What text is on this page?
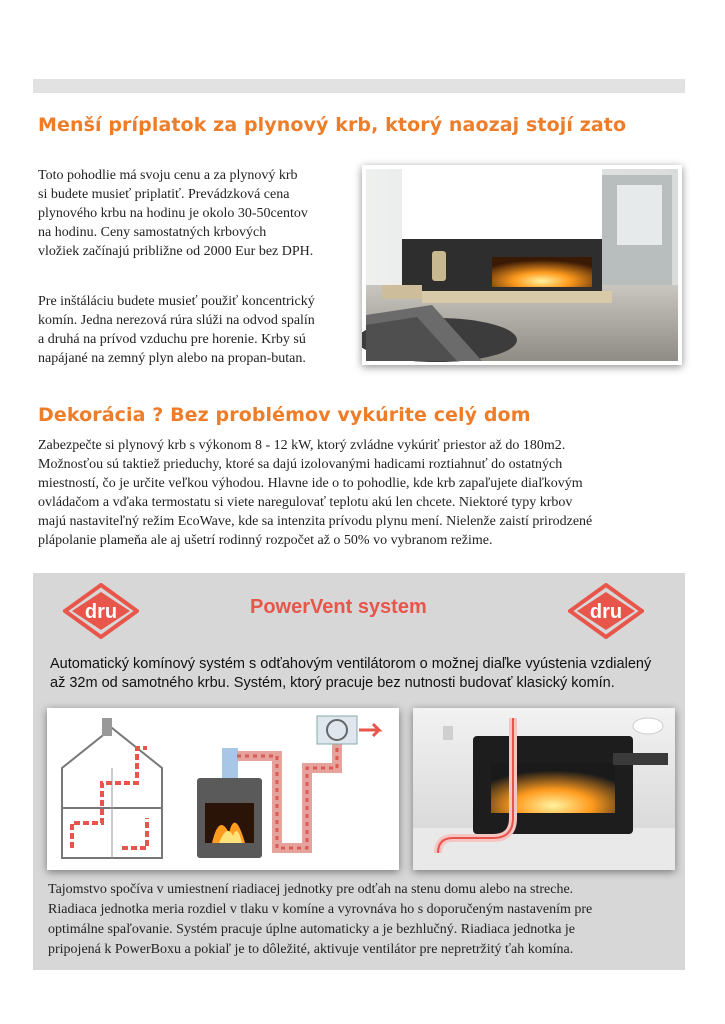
Menší príplatok za plynový krb, ktorý naozaj stojí zato

Toto pohodlie má svoju cenu a za plynový krb
si budete musieť priplatiť. Prevádzková cena
plynového krbu na hodinu je okolo 30-50centov
na hodinu. Ceny samostatných krbových
vložiek začínajú približne od 2000 Eur bez DPH.

Pre inštáláciu budete musieť použiť koncentrický
komín. Jedna nerezová rúra slúži na odvod spalín
a druhá na prívod vzduchu pre horenie. Krby sú
napájané na zemný plyn alebo na propan-butan.

Dekorácia ? Bez problémov vykúrite celý dom

Zabezpečte si plynový krb s výkonom 8 - 12 kW, ktorý zvládne vykúriť priestor až do 180m2.
Možnosťou sú taktiež prieduchy, ktoré sa dajú izolovanými hadicami roztiahnuť do ostatných
miestností, čo je určite veľkou výhodou. Hlavne ide o to pohodlie, kde krb zapaľujete diaľkovým
ovládačom a vďaka termostatu si viete naregulovať teplotu akú len chcete. Niektoré typy krbov
majú nastaviteľný režim EcoWave, kde sa intenzita prívodu plynu mení. Nielenže zaistí prirodzené
plápolanie plameňa ale aj ušetrí rodinný rozpočet až o 50% vo vybranom režime.

dru	dru
PowerVent system

Automatický komínový systém s odťahovým ventilátorom o možnej diaľke vyústenia vzdialený
až 32m od samotného krbu. Systém, ktorý pracuje bez nutnosti budovať klasický komín.

Tajomstvo spočíva v umiestnení riadiacej jednotky pre odťah na stenu domu alebo na streche.
Riadiaca jednotka meria rozdiel v tlaku v komíne a vyrovnáva ho s doporučeným nastavením pre
optimálne spaľovanie. Systém pracuje úplne automaticky a je bezhlučný. Riadiaca jednotka je
pripojená k PowerBoxu a pokiaľ je to dôležité, aktivuje ventilátor pre nepretržitý ťah komína.
